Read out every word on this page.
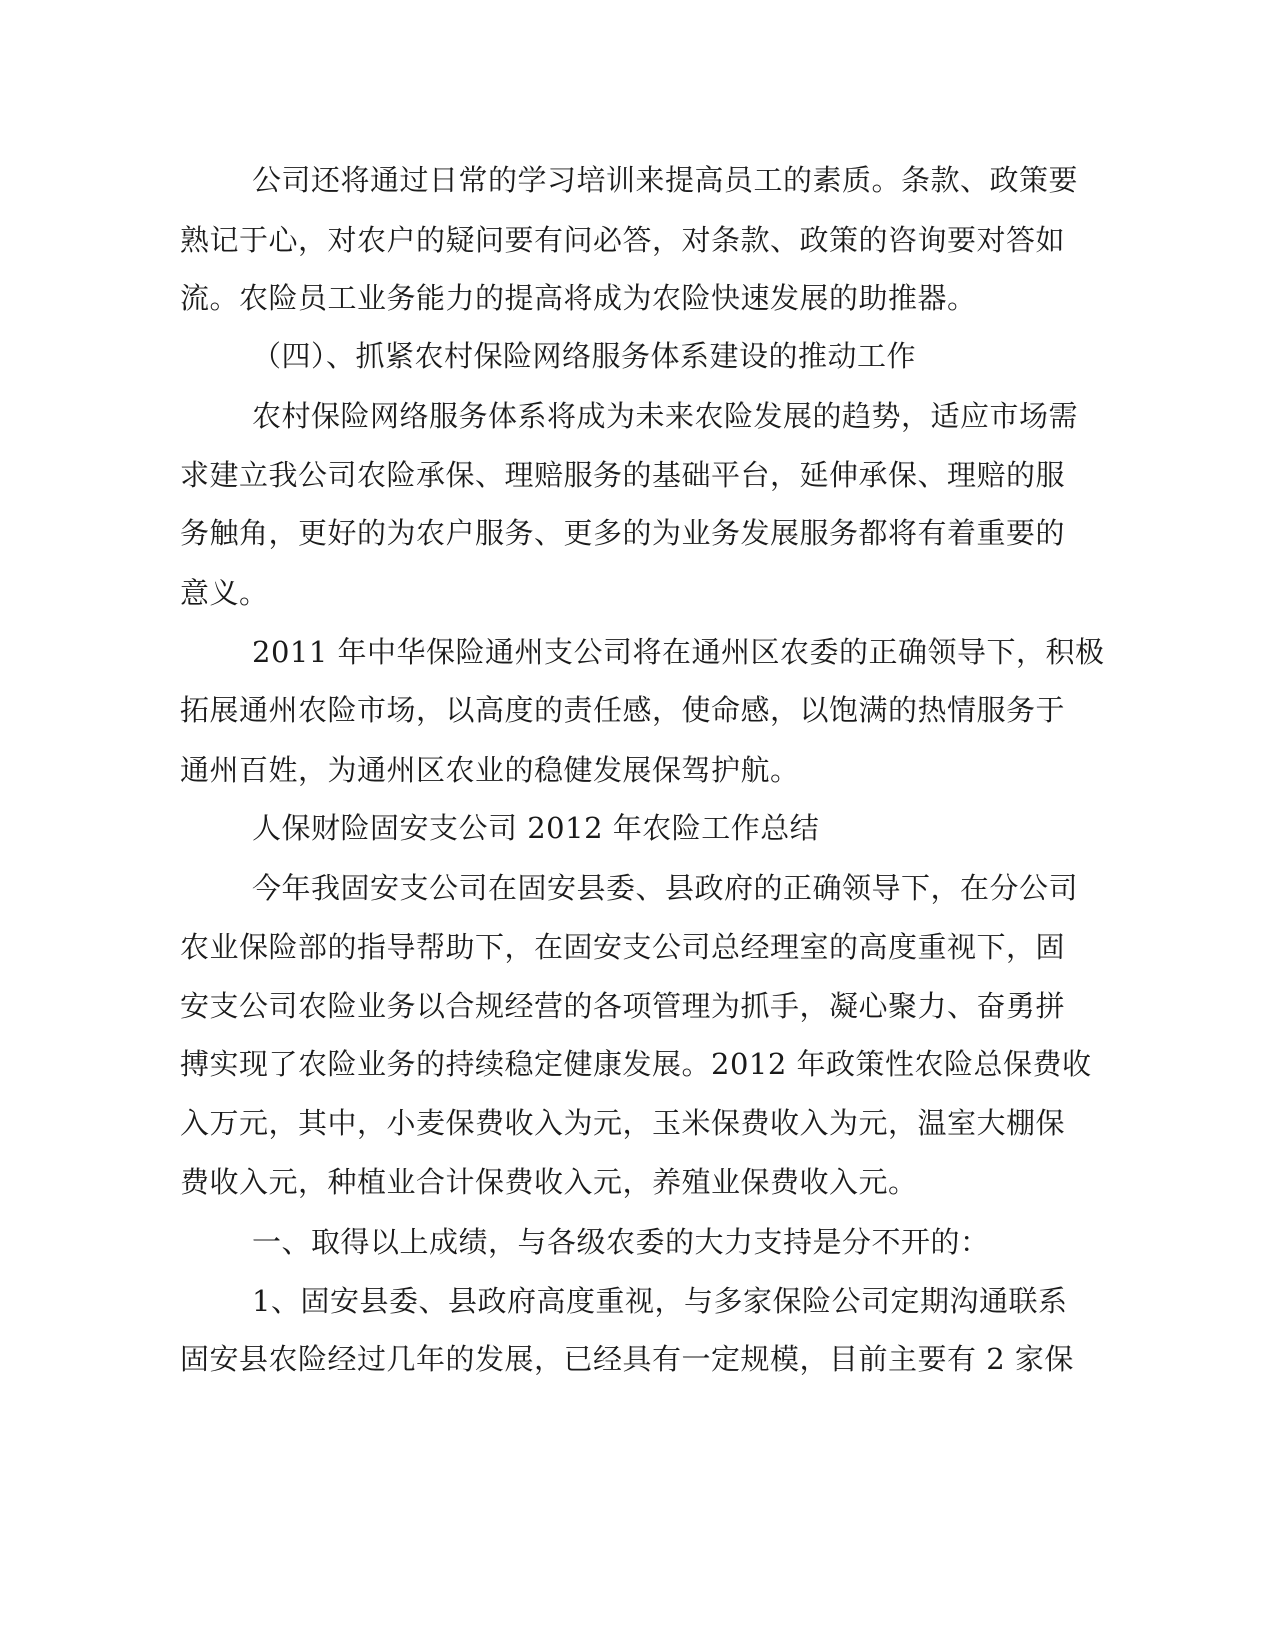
公司还将通过日常的学习培训来提高员工的素质。条款、政策要
熟记于心，对农户的疑问要有问必答，对条款、政策的咨询要对答如
流。农险员工业务能力的提高将成为农险快速发展的助推器。
（四）、抓紧农村保险网络服务体系建设的推动工作
农村保险网络服务体系将成为未来农险发展的趋势，适应市场需
求建立我公司农险承保、理赔服务的基础平台，延伸承保、理赔的服
务触角，更好的为农户服务、更多的为业务发展服务都将有着重要的
意义。
2011 年中华保险通州支公司将在通州区农委的正确领导下，积极
拓展通州农险市场，以高度的责任感，使命感，以饱满的热情服务于
通州百姓，为通州区农业的稳健发展保驾护航。
人保财险固安支公司 2012 年农险工作总结
今年我固安支公司在固安县委、县政府的正确领导下，在分公司
农业保险部的指导帮助下，在固安支公司总经理室的高度重视下，固
安支公司农险业务以合规经营的各项管理为抓手，凝心聚力、奋勇拼
搏实现了农险业务的持续稳定健康发展。2012 年政策性农险总保费收
入万元，其中，小麦保费收入为元，玉米保费收入为元，温室大棚保
费收入元，种植业合计保费收入元，养殖业保费收入元。
一、取得以上成绩，与各级农委的大力支持是分不开的：
1、固安县委、县政府高度重视，与多家保险公司定期沟通联系
固安县农险经过几年的发展，已经具有一定规模，目前主要有 2 家保
